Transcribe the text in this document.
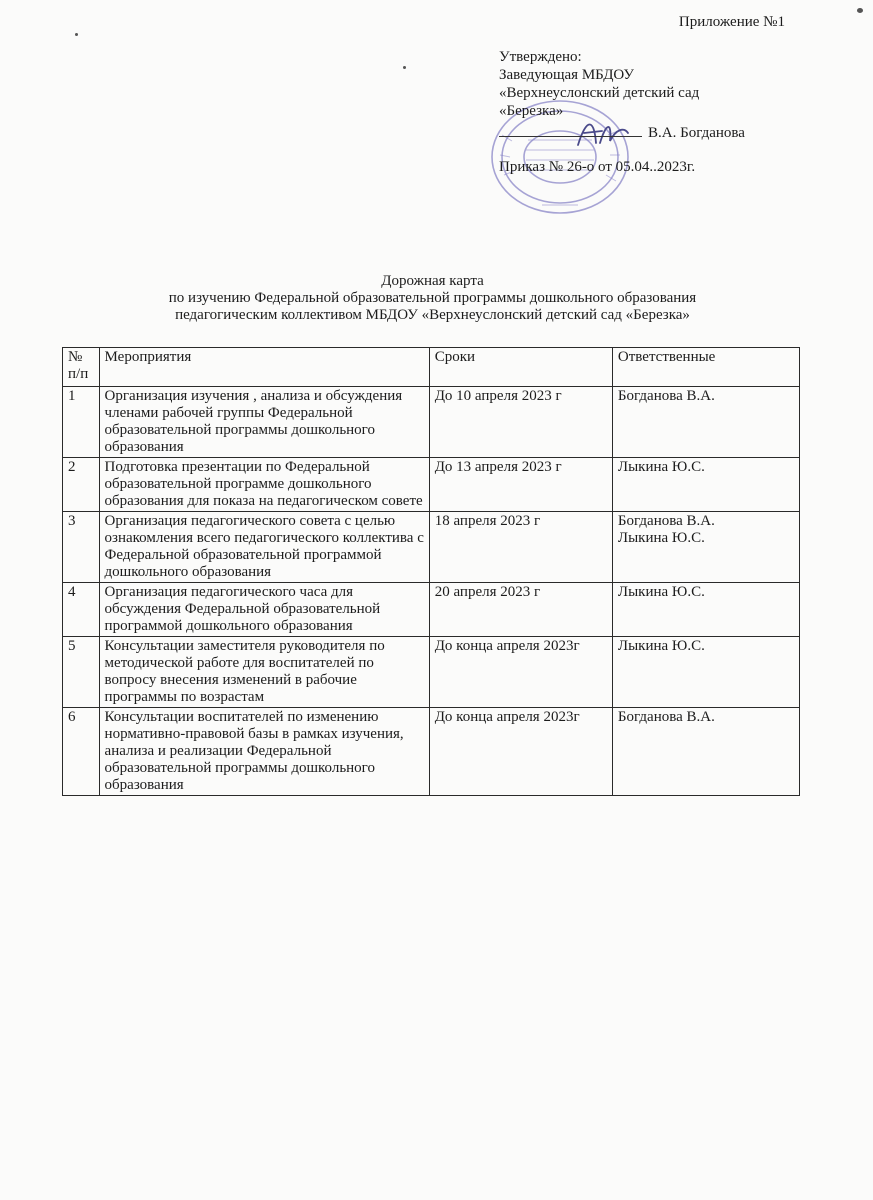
Приложение №1
Утверждено:
Заведующая МБДОУ
«Верхнеуслонский детский сад
«Березка»
В.А. Богданова
Приказ № 26-о от 05.04..2023г.
Дорожная карта
по изучению Федеральной образовательной программы дошкольного образования
педагогическим коллективом МБДОУ «Верхнеуслонский детский сад «Березка»
№ п/п	Мероприятия	Сроки	Ответственные
1	Организация изучения , анализа и обсуждения членами рабочей группы Федеральной образовательной программы дошкольного образования	До 10 апреля 2023 г	Богданова В.А.

2	Подготовка презентации по Федеральной образовательной программе дошкольного образования для показа на педагогическом совете	До 13 апреля 2023 г	Лыкина Ю.С.

3	Организация педагогического совета с целью ознакомления всего педагогического коллектива с Федеральной образовательной программой дошкольного образования	18 апреля 2023 г	Богданова В.А.
Лыкина Ю.С.

4	Организация педагогического часа для обсуждения Федеральной образовательной программой дошкольного образования	20 апреля 2023 г	Лыкина Ю.С.

5	Консультации заместителя руководителя по методической работе для воспитателей по вопросу внесения изменений в рабочие программы по возрастам	До конца апреля 2023г	Лыкина Ю.С.

6	Консультации воспитателей по изменению нормативно-правовой базы в рамках изучения, анализа и реализации Федеральной образовательной программы дошкольного образования	До конца апреля 2023г	Богданова В.А.
